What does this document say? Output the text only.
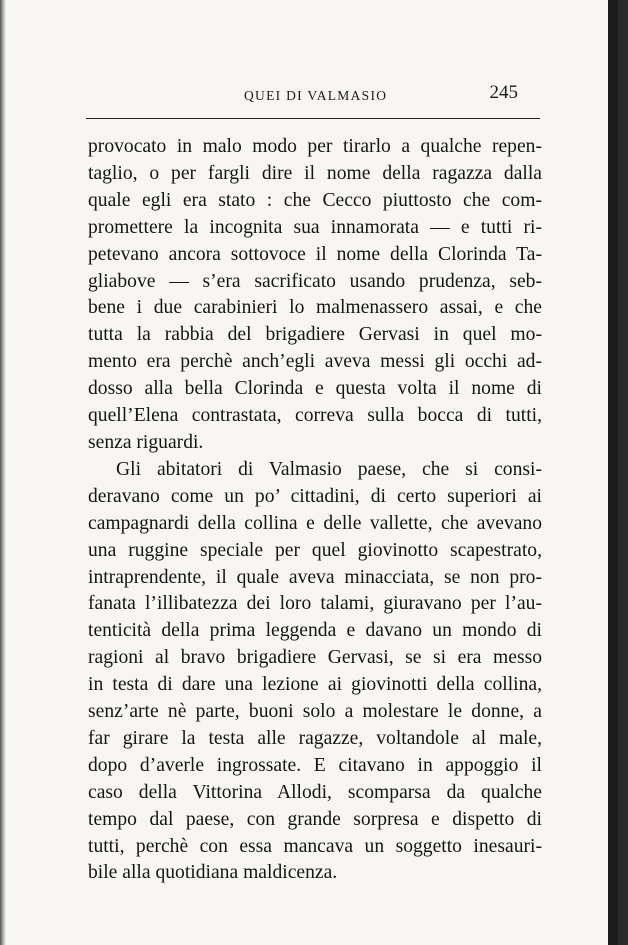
QUEI DI VALMASIO	245
provocato in malo modo per tirarlo a qualche repen-
taglio, o per fargli dire il nome della ragazza dalla
quale egli era stato : che Cecco piuttosto che com-
promettere la incognita sua innamorata — e tutti ri-
petevano ancora sottovoce il nome della Clorinda Ta-
gliabove — s’era sacrificato usando prudenza, seb-
bene i due carabinieri lo malmenassero assai, e che
tutta la rabbia del brigadiere Gervasi in quel mo-
mento era perchè anch’egli aveva messi gli occhi ad-
dosso alla bella Clorinda e questa volta il nome di
quell’Elena contrastata, correva sulla bocca di tutti,
senza riguardi.
Gli abitatori di Valmasio paese, che si consi-
deravano come un po’ cittadini, di certo superiori ai
campagnardi della collina e delle vallette, che avevano
una ruggine speciale per quel giovinotto scapestrato,
intraprendente, il quale aveva minacciata, se non pro-
fanata l’illibatezza dei loro talami, giuravano per l’au-
tenticità della prima leggenda e davano un mondo di
ragioni al bravo brigadiere Gervasi, se si era messo
in testa di dare una lezione ai giovinotti della collina,
senz’arte nè parte, buoni solo a molestare le donne, a
far girare la testa alle ragazze, voltandole al male,
dopo d’averle ingrossate. E citavano in appoggio il
caso della Vittorina Allodi, scomparsa da qualche
tempo dal paese, con grande sorpresa e dispetto di
tutti, perchè con essa mancava un soggetto inesauri-
bile alla quotidiana maldicenza.
